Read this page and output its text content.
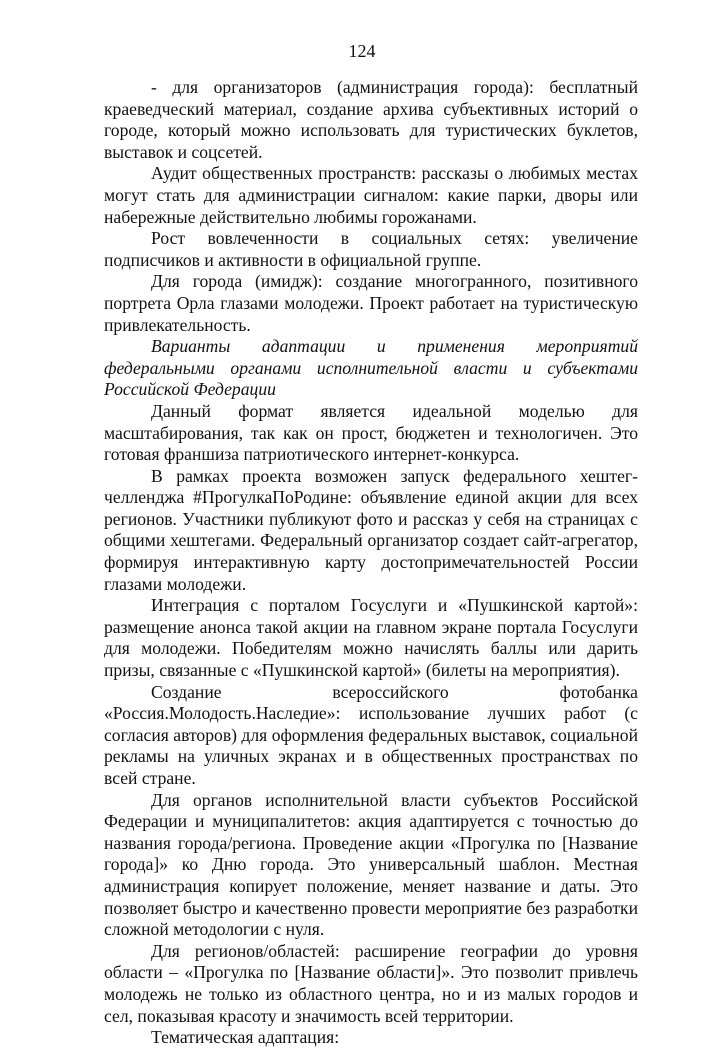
124

- для организаторов (администрация города): бесплатный краеведческий материал, создание архива субъективных историй о городе, который можно использовать для туристических буклетов, выставок и соцсетей.

Аудит общественных пространств: рассказы о любимых местах могут стать для администрации сигналом: какие парки, дворы или набережные действительно любимы горожанами.

Рост вовлеченности в социальных сетях: увеличение подписчиков и активности в официальной группе.

Для города (имидж): создание многогранного, позитивного портрета Орла глазами молодежи. Проект работает на туристическую привлекательность.

Варианты адаптации и применения мероприятий федеральными органами исполнительной власти и субъектами Российской Федерации

Данный формат является идеальной моделью для масштабирования, так как он прост, бюджетен и технологичен. Это готовая франшиза патриотического интернет-конкурса.

В рамках проекта возможен запуск федерального хештег-челленджа #ПрогулкаПоРодине: объявление единой акции для всех регионов. Участники публикуют фото и рассказ у себя на страницах с общими хештегами. Федеральный организатор создает сайт-агрегатор, формируя интерактивную карту достопримечательностей России глазами молодежи.

Интеграция с порталом Госуслуги и «Пушкинской картой»: размещение анонса такой акции на главном экране портала Госуслуги для молодежи. Победителям можно начислять баллы или дарить призы, связанные с «Пушкинской картой» (билеты на мероприятия).

Создание всероссийского фотобанка «Россия.Молодость.Наследие»: использование лучших работ (с согласия авторов) для оформления федеральных выставок, социальной рекламы на уличных экранах и в общественных пространствах по всей стране.

Для органов исполнительной власти субъектов Российской Федерации и муниципалитетов: акция адаптируется с точностью до названия города/региона. Проведение акции «Прогулка по [Название города]» ко Дню города. Это универсальный шаблон. Местная администрация копирует положение, меняет название и даты. Это позволяет быстро и качественно провести мероприятие без разработки сложной методологии с нуля.

Для регионов/областей: расширение географии до уровня области – «Прогулка по [Название области]». Это позволит привлечь молодежь не только из областного центра, но и из малых городов и сел, показывая красоту и значимость всей территории.

Тематическая адаптация:
